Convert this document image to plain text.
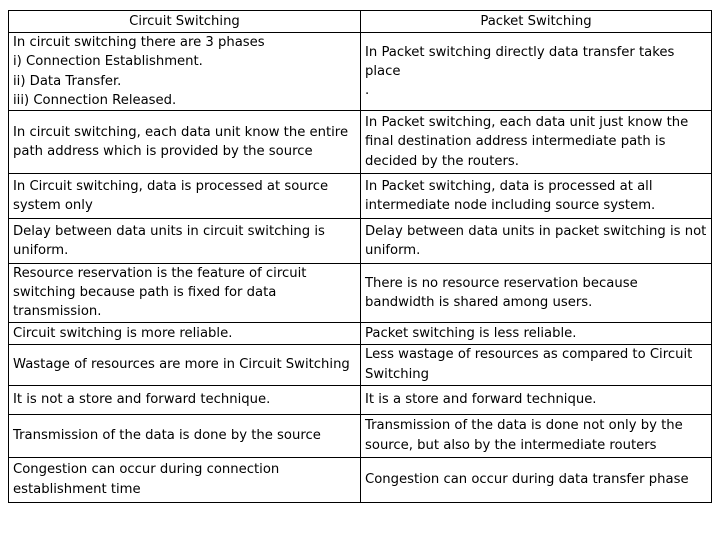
Circuit Switching	Packet Switching
In circuit switching there are 3 phases
i) Connection Establishment.
ii) Data Transfer.
iii) Connection Released.	In Packet switching directly data transfer takes place
.
In circuit switching, each data unit know the entire path address which is provided by the source	In Packet switching, each data unit just know the final destination address intermediate path is decided by the routers.
In Circuit switching, data is processed at source system only	In Packet switching, data is processed at all intermediate node including source system.
Delay between data units in circuit switching is uniform.	Delay between data units in packet switching is not uniform.
Resource reservation is the feature of circuit switching because path is fixed for data transmission.	There is no resource reservation because bandwidth is shared among users.
Circuit switching is more reliable.	Packet switching is less reliable.
Wastage of resources are more in Circuit Switching	Less wastage of resources as compared to Circuit Switching
It is not a store and forward technique.	It is a store and forward technique.
Transmission of the data is done by the source	Transmission of the data is done not only by the source, but also by the intermediate routers
Congestion can occur during connection establishment time	Congestion can occur during data transfer phase
